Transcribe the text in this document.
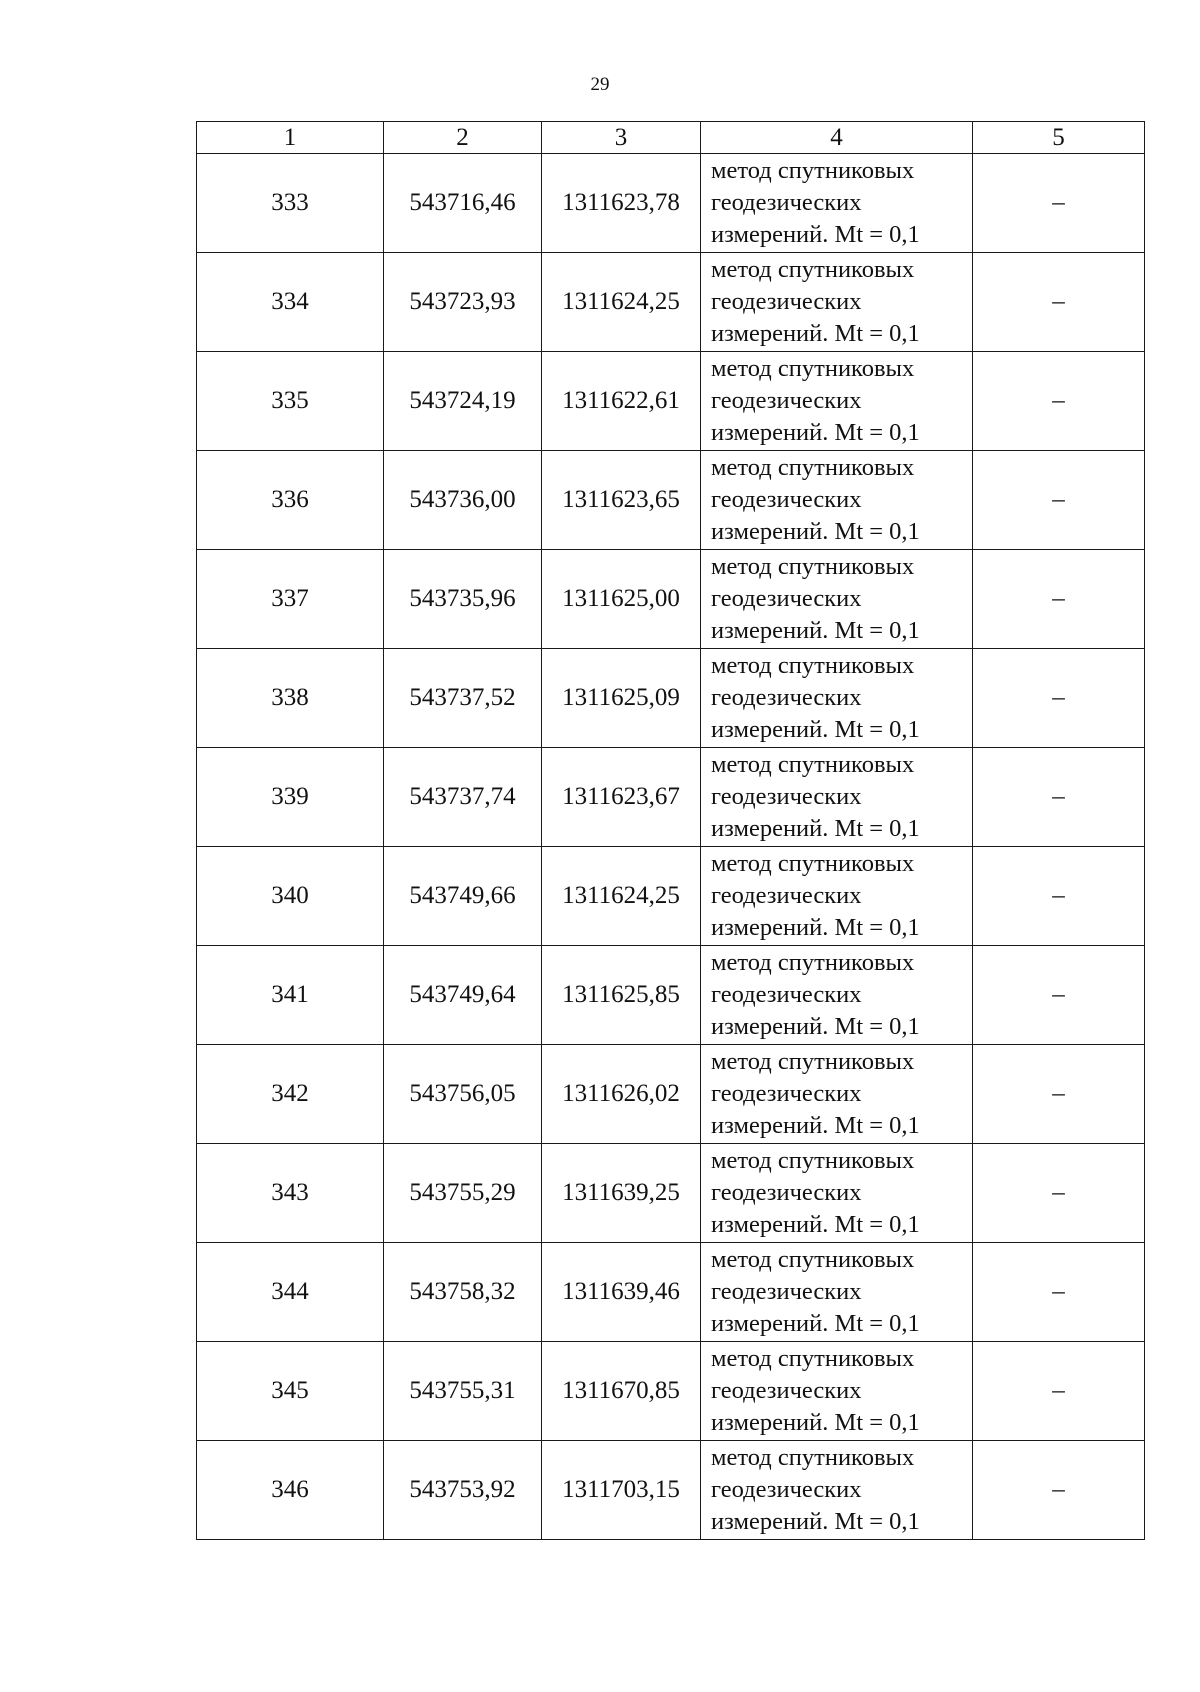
29
1	2	3	4	5
333	543716,46	1311623,78	метод спутниковых
геодезических
измерений. Mt = 0,1	–
334	543723,93	1311624,25	метод спутниковых
геодезических
измерений. Mt = 0,1	–
335	543724,19	1311622,61	метод спутниковых
геодезических
измерений. Mt = 0,1	–
336	543736,00	1311623,65	метод спутниковых
геодезических
измерений. Mt = 0,1	–
337	543735,96	1311625,00	метод спутниковых
геодезических
измерений. Mt = 0,1	–
338	543737,52	1311625,09	метод спутниковых
геодезических
измерений. Mt = 0,1	–
339	543737,74	1311623,67	метод спутниковых
геодезических
измерений. Mt = 0,1	–
340	543749,66	1311624,25	метод спутниковых
геодезических
измерений. Mt = 0,1	–
341	543749,64	1311625,85	метод спутниковых
геодезических
измерений. Mt = 0,1	–
342	543756,05	1311626,02	метод спутниковых
геодезических
измерений. Mt = 0,1	–
343	543755,29	1311639,25	метод спутниковых
геодезических
измерений. Mt = 0,1	–
344	543758,32	1311639,46	метод спутниковых
геодезических
измерений. Mt = 0,1	–
345	543755,31	1311670,85	метод спутниковых
геодезических
измерений. Mt = 0,1	–
346	543753,92	1311703,15	метод спутниковых
геодезических
измерений. Mt = 0,1	–
